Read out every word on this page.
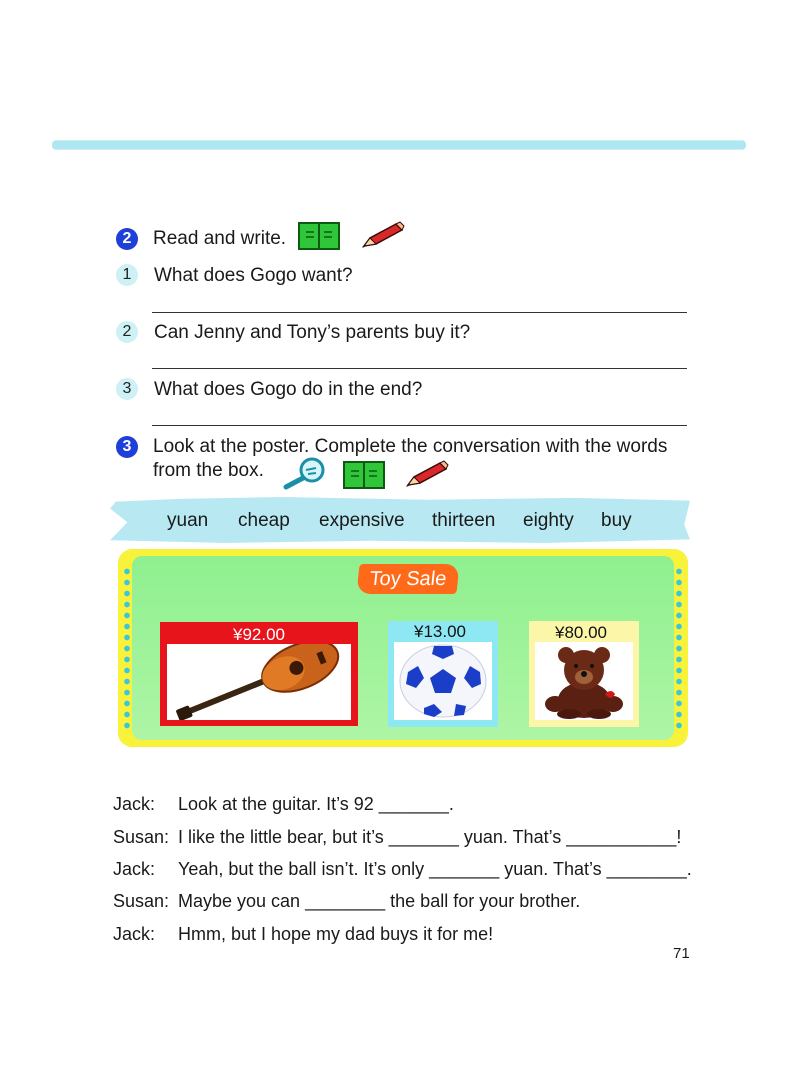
2	Read and write.
1	What does Gogo want?
2	Can Jenny and Tony’s parents buy it?
3	What does Gogo do in the end?
3	Look at the poster. Complete the conversation with the words
from the box.
yuan cheap expensive thirteen eighty buy
Toy Sale
¥92.00	¥13.00	¥80.00
Jack: Look at the guitar. It’s 92 _______.
Susan: I like the little bear, but it’s _______ yuan. That’s ___________!
Jack: Yeah, but the ball isn’t. It’s only _______ yuan. That’s ________.
Susan: Maybe you can ________ the ball for your brother.
Jack: Hmm, but I hope my dad buys it for me!
71
